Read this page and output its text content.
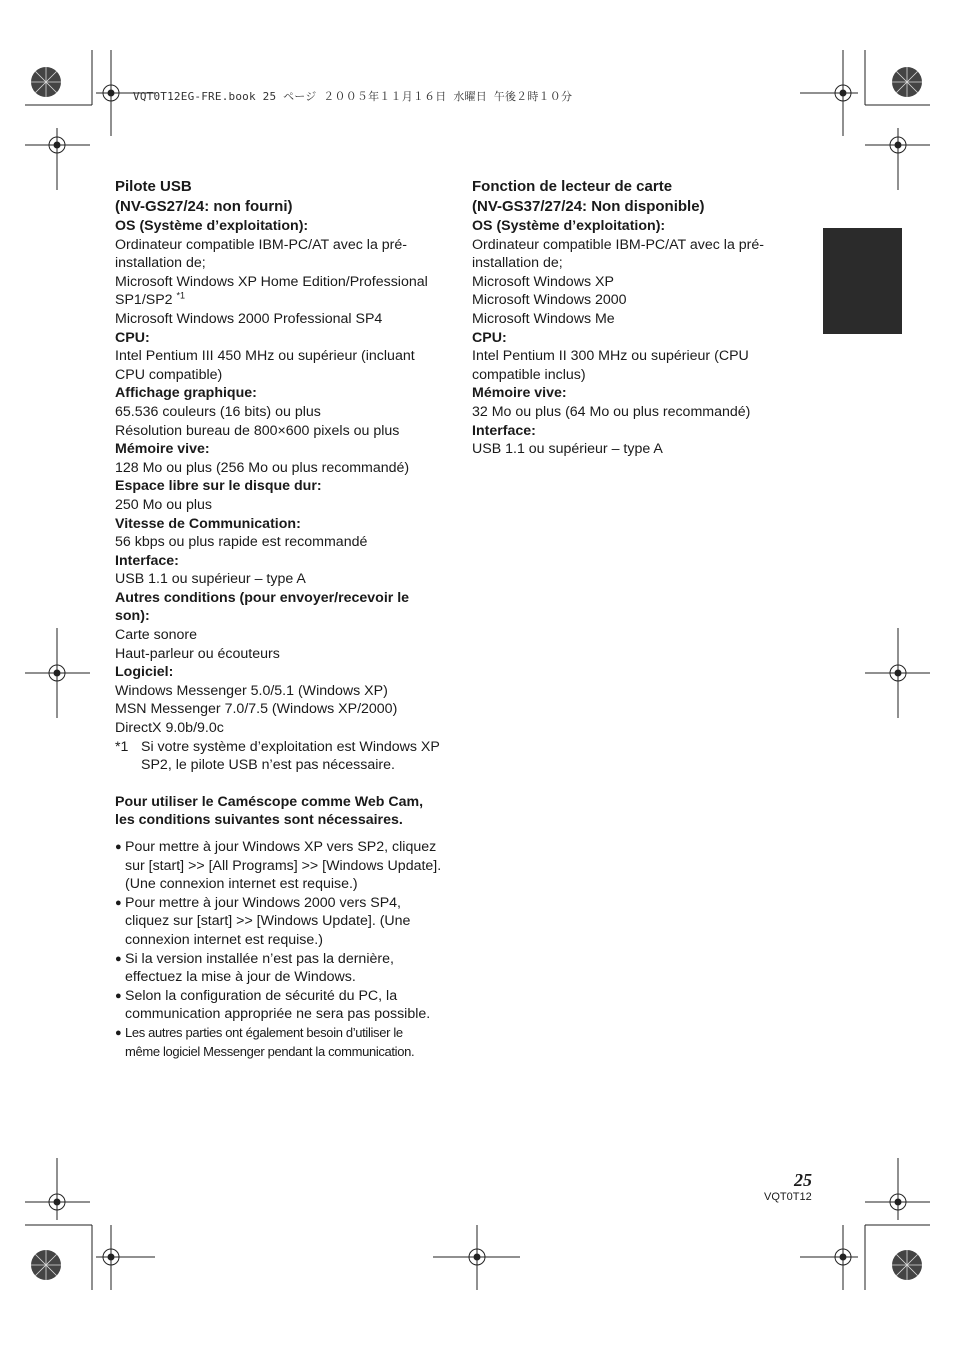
VQT0T12EG-FRE.book 25 ページ ２００５年１１月１６日 水曜日 午後２時１０分
Pilote USB
(NV-GS27/24: non fourni)
OS (Système d’exploitation):
Ordinateur compatible IBM-PC/AT avec la pré-
installation de;
Microsoft Windows XP Home Edition/Professional
SP1/SP2 $^{*1}$
Microsoft Windows 2000 Professional SP4
CPU:
Intel Pentium III 450 MHz ou supérieur (incluant
CPU compatible)
Affichage graphique:
65.536 couleurs (16 bits) ou plus
Résolution bureau de 800×600 pixels ou plus
Mémoire vive:
128 Mo ou plus (256 Mo ou plus recommandé)
Espace libre sur le disque dur:
250 Mo ou plus
Vitesse de Communication:
56 kbps ou plus rapide est recommandé
Interface:
USB 1.1 ou supérieur – type A
Autres conditions (pour envoyer/recevoir le
son):
Carte sonore
Haut-parleur ou écouteurs
Logiciel:
Windows Messenger 5.0/5.1 (Windows XP)
MSN Messenger 7.0/7.5 (Windows XP/2000)
DirectX 9.0b/9.0c
*1 Si votre système d’exploitation est Windows XP
SP2, le pilote USB n’est pas nécessaire.
Pour utiliser le Caméscope comme Web Cam,
les conditions suivantes sont nécessaires.
● Pour mettre à jour Windows XP vers SP2, cliquez
sur [start] >> [All Programs] >> [Windows Update].
(Une connexion internet est requise.)
● Pour mettre à jour Windows 2000 vers SP4,
cliquez sur [start] >> [Windows Update]. (Une
connexion internet est requise.)
● Si la version installée n’est pas la dernière,
effectuez la mise à jour de Windows.
● Selon la configuration de sécurité du PC, la
communication appropriée ne sera pas possible.
● Les autres parties ont également besoin d’utiliser le
même logiciel Messenger pendant la communication.
Fonction de lecteur de carte
(NV-GS37/27/24: Non disponible)
OS (Système d’exploitation):
Ordinateur compatible IBM-PC/AT avec la pré-
installation de;
Microsoft Windows XP
Microsoft Windows 2000
Microsoft Windows Me
CPU:
Intel Pentium II 300 MHz ou supérieur (CPU
compatible inclus)
Mémoire vive:
32 Mo ou plus (64 Mo ou plus recommandé)
Interface:
USB 1.1 ou supérieur – type A
25
VQT0T12
